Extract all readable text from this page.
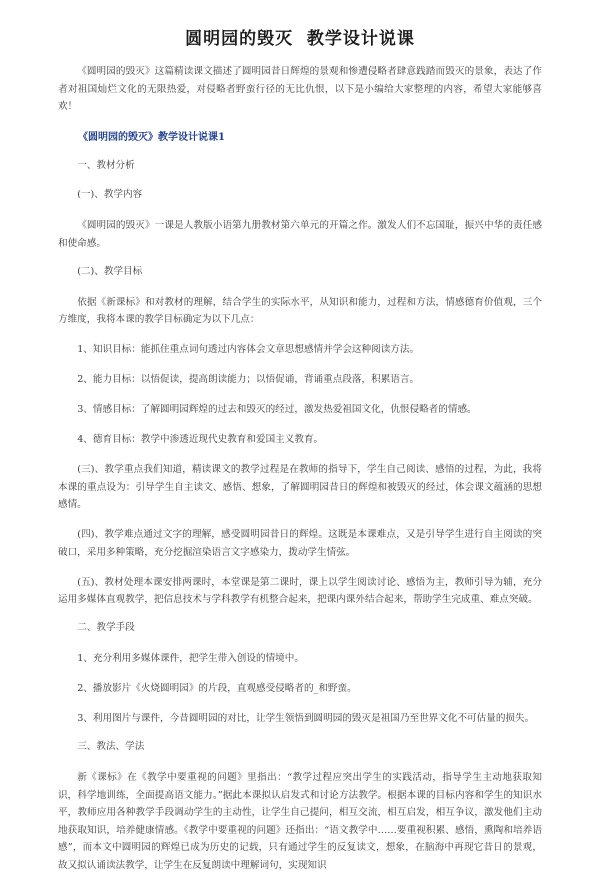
圆明园的毁灭  教学设计说课

《圆明园的毁灭》这篇精读课文描述了圆明园昔日辉煌的景观和惨遭侵略者肆意践踏而毁灭的景象，表达了作者对祖国灿烂文化的无限热爱，对侵略者野蛮行径的无比仇恨，以下是小编给大家整理的内容，希望大家能够喜欢！

《圆明园的毁灭》教学设计说课1
一、教材分析
(一)、教学内容

《圆明园的毁灭》一课是人教版小语第九册教材第六单元的开篇之作。激发人们不忘国耻，振兴中华的责任感和使命感。

(二)、教学目标

依据《新课标》和对教材的理解，结合学生的实际水平，从知识和能力，过程和方法，情感德育价值观，三个方维度，我将本课的教学目标确定为以下几点：

1、知识目标：能抓住重点词句透过内容体会文章思想感情并学会这种阅读方法。

2、能力目标：以悟促读，提高朗读能力；以悟促诵，背诵重点段落，积累语言。

3、情感目标：了解圆明园辉煌的过去和毁灭的经过，激发热爱祖国文化，仇恨侵略者的情感。

4、德育目标：教学中渗透近现代史教育和爱国主义教育。

(三)、教学重点我们知道，精读课文的教学过程是在教师的指导下，学生自己阅读、感悟的过程，为此，我将本课的重点设为：引导学生自主读文、感悟、想象，了解圆明园昔日的辉煌和被毁灭的经过，体会课文蕴涵的思想感情。

(四)、教学难点通过文字的理解，感受圆明园昔日的辉煌。这既是本课难点，又是引导学生进行自主阅读的突破口，采用多种策略，充分挖掘渲染语言文字感染力，拨动学生情弦。

(五)、教材处理本课安排两课时，本堂课是第二课时，课上以学生阅读讨论、感悟为主，教师引导为辅，充分运用多媒体直观教学，把信息技术与学科教学有机整合起来，把课内课外结合起来，帮助学生完成重、难点突破。

二、教学手段

1、充分利用多媒体课件，把学生带入创设的情境中。

2、播放影片《火烧圆明园》的片段，直观感受侵略者的_和野蛮。

3、利用图片与课件，今昔圆明园的对比，让学生领悟到圆明园的毁灭是祖国乃至世界文化不可估量的损失。

三、教法、学法

新《课标》在《教学中要重视的问题》里指出：“教学过程应突出学生的实践活动，指导学生主动地获取知识，科学地训练，全面提高语文能力。”据此本课拟认启发式和讨论方法教学。根据本课的目标内容和学生的知识水平，教师应用各种教学手段调动学生的主动性，让学生自己提问，相互交流，相互启发，相互争议，激发他们主动地获取知识，培养健康情感。《教学中要重视的问题》还指出：“语文教学中……要重视积累、感悟，熏陶和培养语感”，而本文中圆明园的辉煌已成为历史的记载，只有通过学生的反复读文，想象，在脑海中再现它昔日的景观，故又拟认诵读法教学，让学生在反复朗读中理解词句，实现知识
